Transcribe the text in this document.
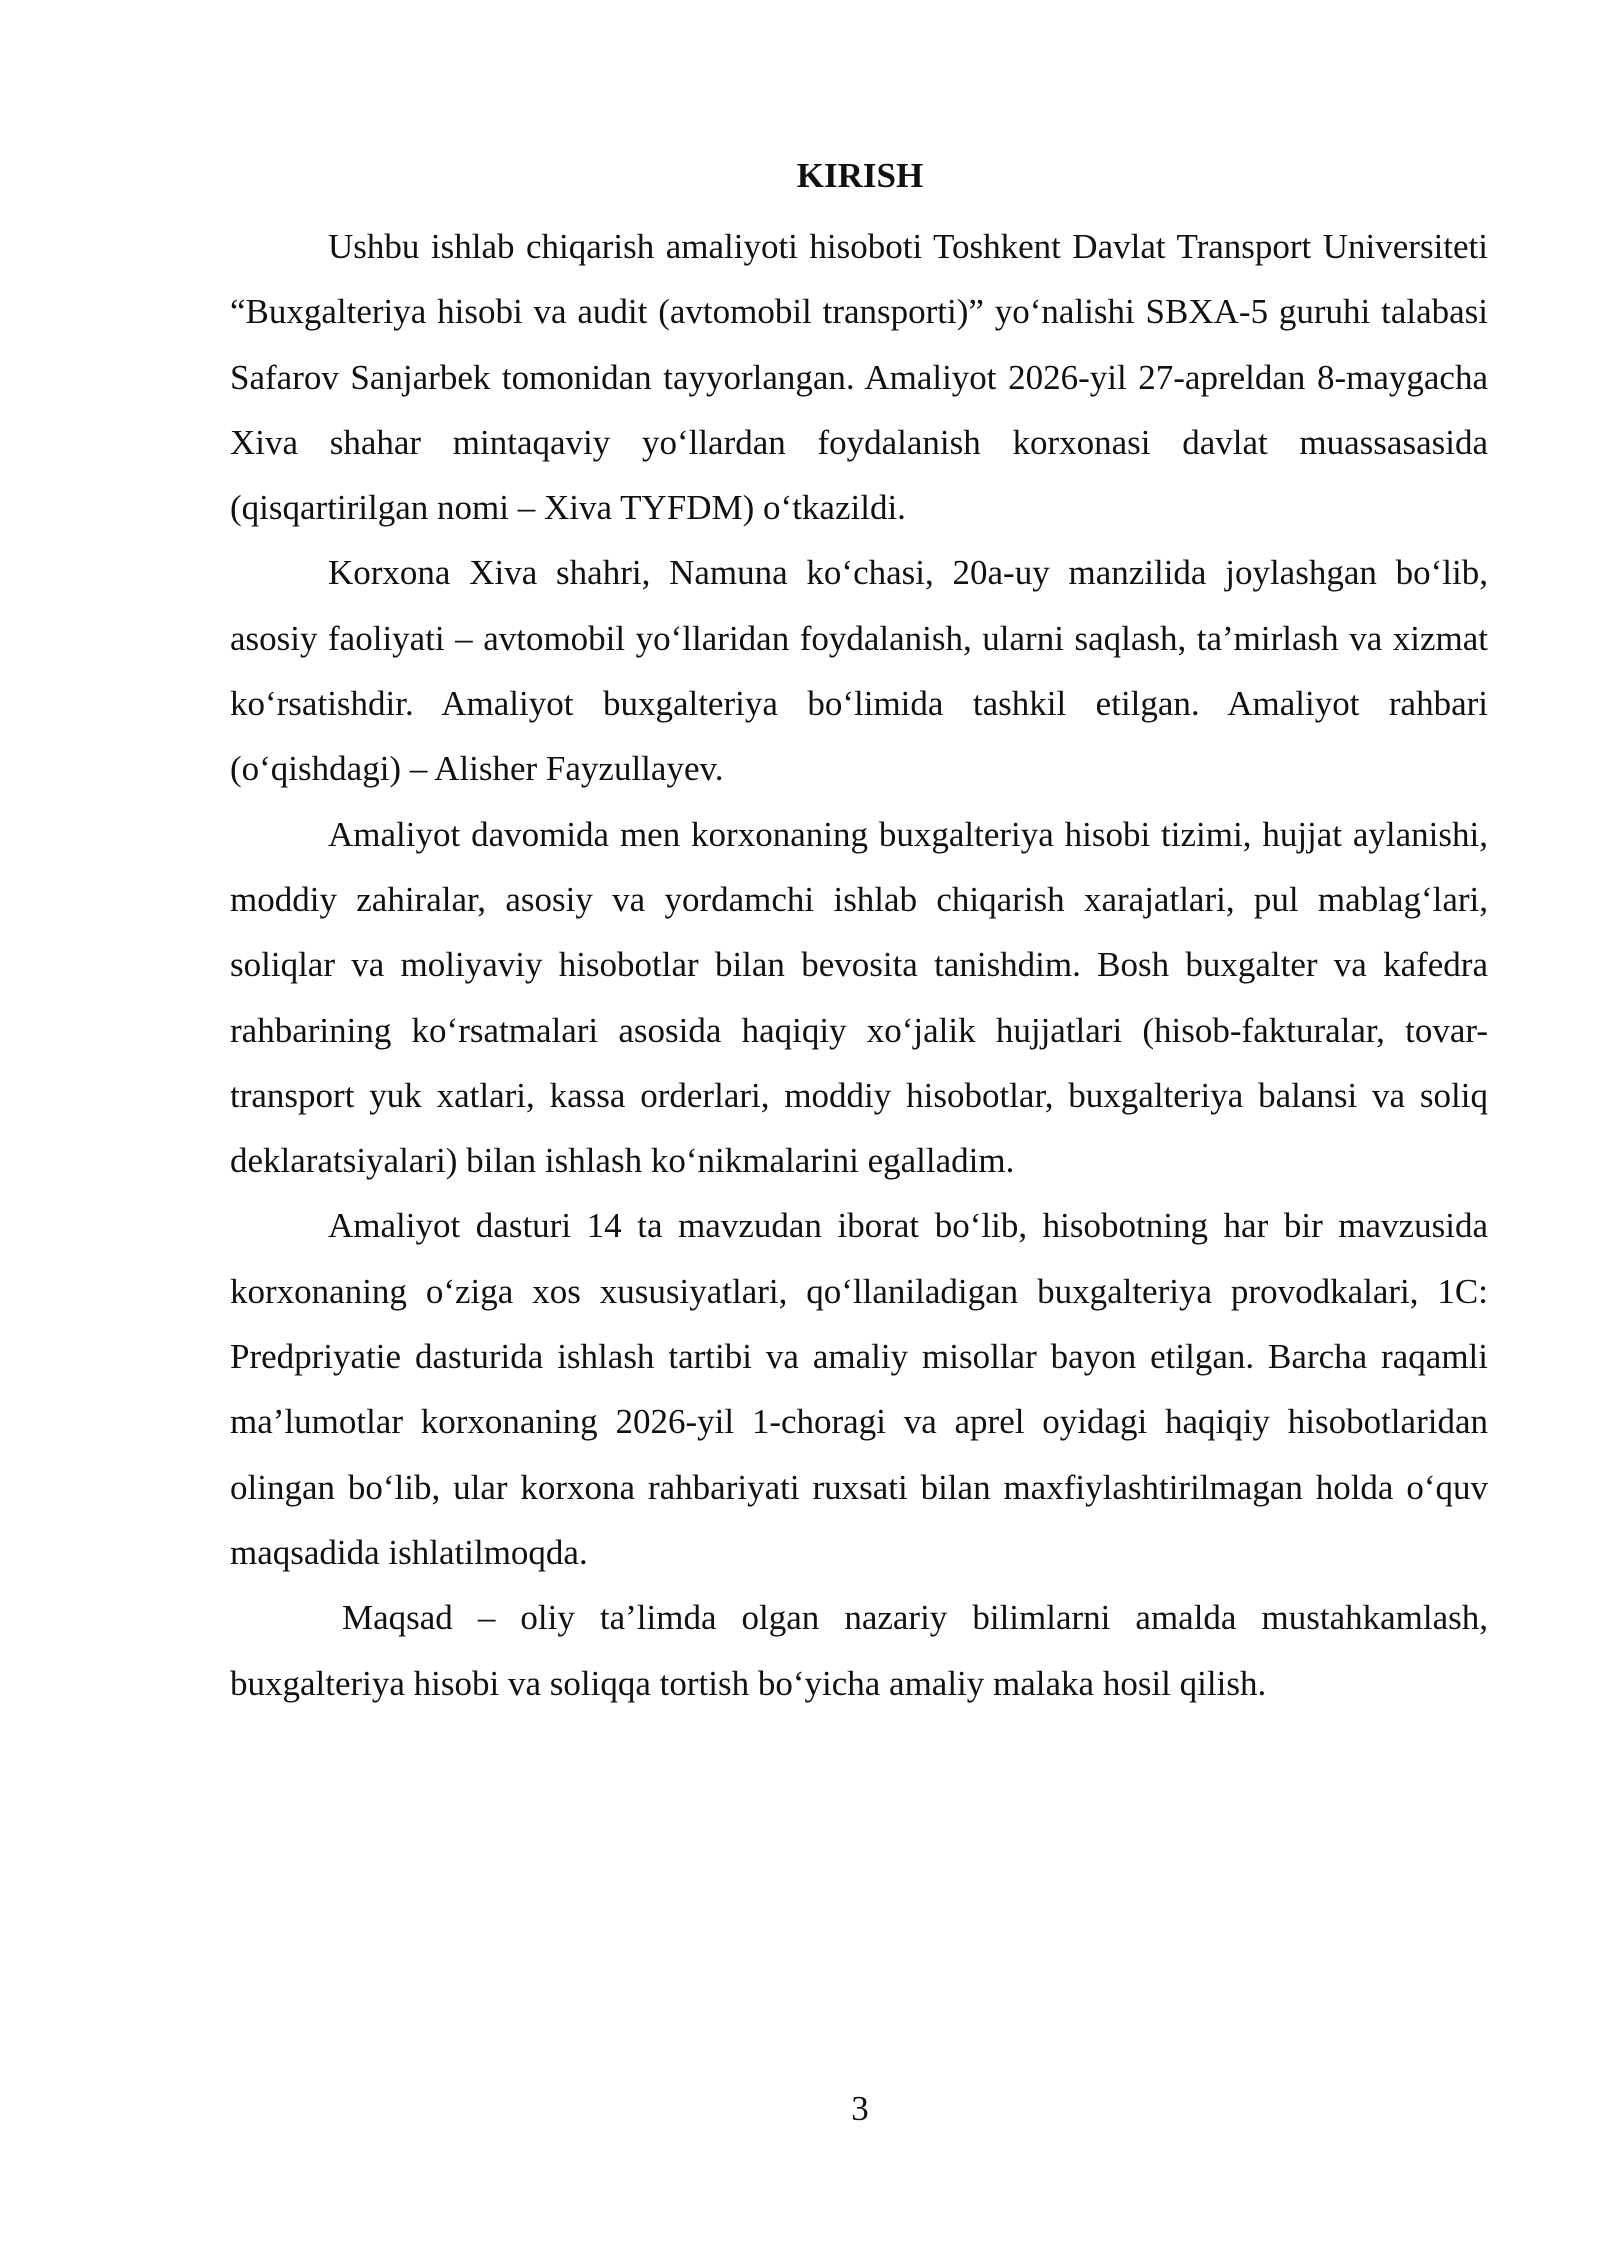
KIRISH

Ushbu ishlab chiqarish amaliyoti hisoboti Toshkent Davlat Transport Universiteti “Buxgalteriya hisobi va audit (avtomobil transporti)” yo‘nalishi SBXA-5 guruhi talabasi Safarov Sanjarbek tomonidan tayyorlangan. Amaliyot 2026-yil 27-apreldan 8-maygacha Xiva shahar mintaqaviy yo‘llardan foydalanish korxonasi davlat muassasasida (qisqartirilgan nomi – Xiva TYFDM) o‘tkazildi.

Korxona Xiva shahri, Namuna ko‘chasi, 20a-uy manzilida joylashgan bo‘lib, asosiy faoliyati – avtomobil yo‘llaridan foydalanish, ularni saqlash, ta’mirlash va xizmat ko‘rsatishdir. Amaliyot buxgalteriya bo‘limida tashkil etilgan. Amaliyot rahbari (o‘qishdagi) – Alisher Fayzullayev.

Amaliyot davomida men korxonaning buxgalteriya hisobi tizimi, hujjat aylanishi, moddiy zahiralar, asosiy va yordamchi ishlab chiqarish xarajatlari, pul mablag‘lari, soliqlar va moliyaviy hisobotlar bilan bevosita tanishdim. Bosh buxgalter va kafedra rahbarining ko‘rsatmalari asosida haqiqiy xo‘jalik hujjatlari (hisob-fakturalar, tovar-transport yuk xatlari, kassa orderlari, moddiy hisobotlar, buxgalteriya balansi va soliq deklaratsiyalari) bilan ishlash ko‘nikmalarini egalladim.

Amaliyot dasturi 14 ta mavzudan iborat bo‘lib, hisobotning har bir mavzusida korxonaning o‘ziga xos xususiyatlari, qo‘llaniladigan buxgalteriya provodkalari, 1C: Predpriyatie dasturida ishlash tartibi va amaliy misollar bayon etilgan. Barcha raqamli ma’lumotlar korxonaning 2026-yil 1-choragi va aprel oyidagi haqiqiy hisobotlaridan olingan bo‘lib, ular korxona rahbariyati ruxsati bilan maxfiylashtirilmagan holda o‘quv maqsadida ishlatilmoqda.

Maqsad – oliy ta’limda olgan nazariy bilimlarni amalda mustahkamlash, buxgalteriya hisobi va soliqqa tortish bo‘yicha amaliy malaka hosil qilish.

3
